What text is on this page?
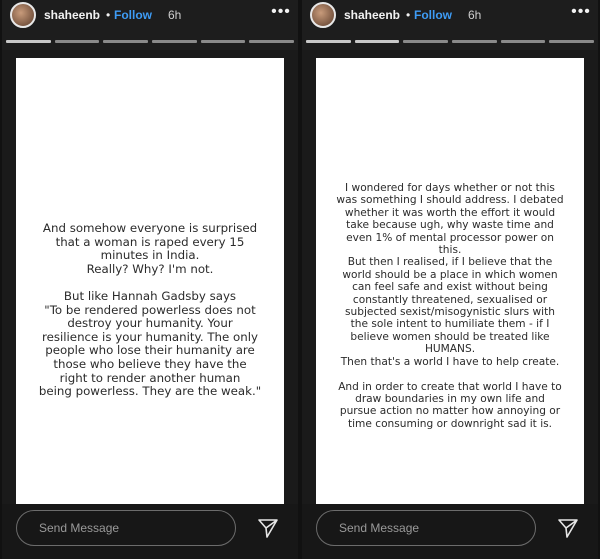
shaheenb • Follow 6h	•••
And somehow everyone is surprised
that a woman is raped every 15
minutes in India.
Really? Why? I'm not.

But like Hannah Gadsby says
"To be rendered powerless does not
destroy your humanity. Your
resilience is your humanity. The only
people who lose their humanity are
those who believe they have the
right to render another human
being powerless. They are the weak."
Send Message
shaheenb • Follow 6h	•••
I wondered for days whether or not this
was something I should address. I debated
whether it was worth the effort it would
take because ugh, why waste time and
even 1% of mental processor power on
this.
But then I realised, if I believe that the
world should be a place in which women
can feel safe and exist without being
constantly threatened, sexualised or
subjected sexist/misogynistic slurs with
the sole intent to humiliate them - if I
believe women should be treated like
HUMANS.
Then that's a world I have to help create.

And in order to create that world I have to
draw boundaries in my own life and
pursue action no matter how annoying or
time consuming or downright sad it is.
Send Message
